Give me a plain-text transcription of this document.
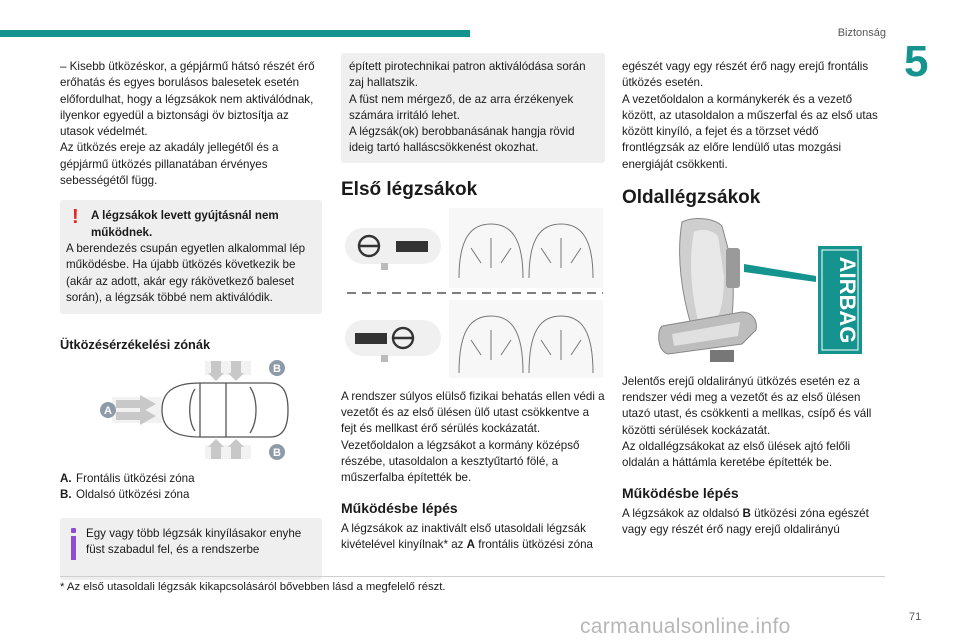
Biztonság
5

– Kisebb ütközéskor, a gépjármű hátsó részét érő erőhatás és egyes borulásos balesetek esetén előfordulhat, hogy a légzsákok nem aktiválódnak, ilyenkor egyedül a biztonsági öv biztosítja az utasok védelmét.

Az ütközés ereje az akadály jellegétől és a gépjármű ütközés pillanatában érvényes sebességétől függ.

!	A légzsákok levett gyújtásnál nem működnek.

A berendezés csupán egyetlen alkalommal lép működésbe. Ha újabb ütközés következik be (akár az adott, akár egy rákövetkező baleset során), a légzsák többé nem aktiválódik.

Ütközésérzékelési zónák

A
B
B

A. Frontális ütközési zóna

B. Oldalsó ütközési zóna

Egy vagy több légzsák kinyílásakor enyhe füst szabadul fel, és a rendszerbe

épített pirotechnikai patron aktiválódása során zaj hallatszik.
A füst nem mérgező, de az arra érzékenyek számára irritáló lehet.
A légzsák(ok) berobbanásának hangja rövid ideig tartó halláscsökkenést okozhat.

Első légzsákok

A rendszer súlyos elülső fizikai behatás ellen védi a vezetőt és az első ülésen ülő utast csökkentve a fejt és mellkast érő sérülés kockázatát.
Vezetőoldalon a légzsákot a kormány középső részébe, utasoldalon a kesztyűtartó fölé, a műszerfalba építették be.

Működésbe lépés

A légzsákok az inaktivált első utasoldali légzsák kivételével kinyílnak* az A frontális ütközési zóna

egészét vagy egy részét érő nagy erejű frontális ütközés esetén.
A vezetőoldalon a kormánykerék és a vezető között, az utasoldalon a műszerfal és az első utas között kinyíló, a fejet és a törzset védő frontlégzsák az előre lendülő utas mozgási energiáját csökkenti.

Oldallégzsákok

AIRBAG

Jelentős erejű oldalirányú ütközés esetén ez a rendszer védi meg a vezetőt és az első ülésen utazó utast, és csökkenti a mellkas, csípő és váll közötti sérülések kockázatát.
Az oldallégzsákokat az első ülések ajtó felőli oldalán a háttámla keretébe építették be.

Működésbe lépés

A légzsákok az oldalsó B ütközési zóna egészét vagy egy részét érő nagy erejű oldalirányú

* Az első utasoldali légzsák kikapcsolásáról bővebben lásd a megfelelő részt.
71
carmanualsonline.info
